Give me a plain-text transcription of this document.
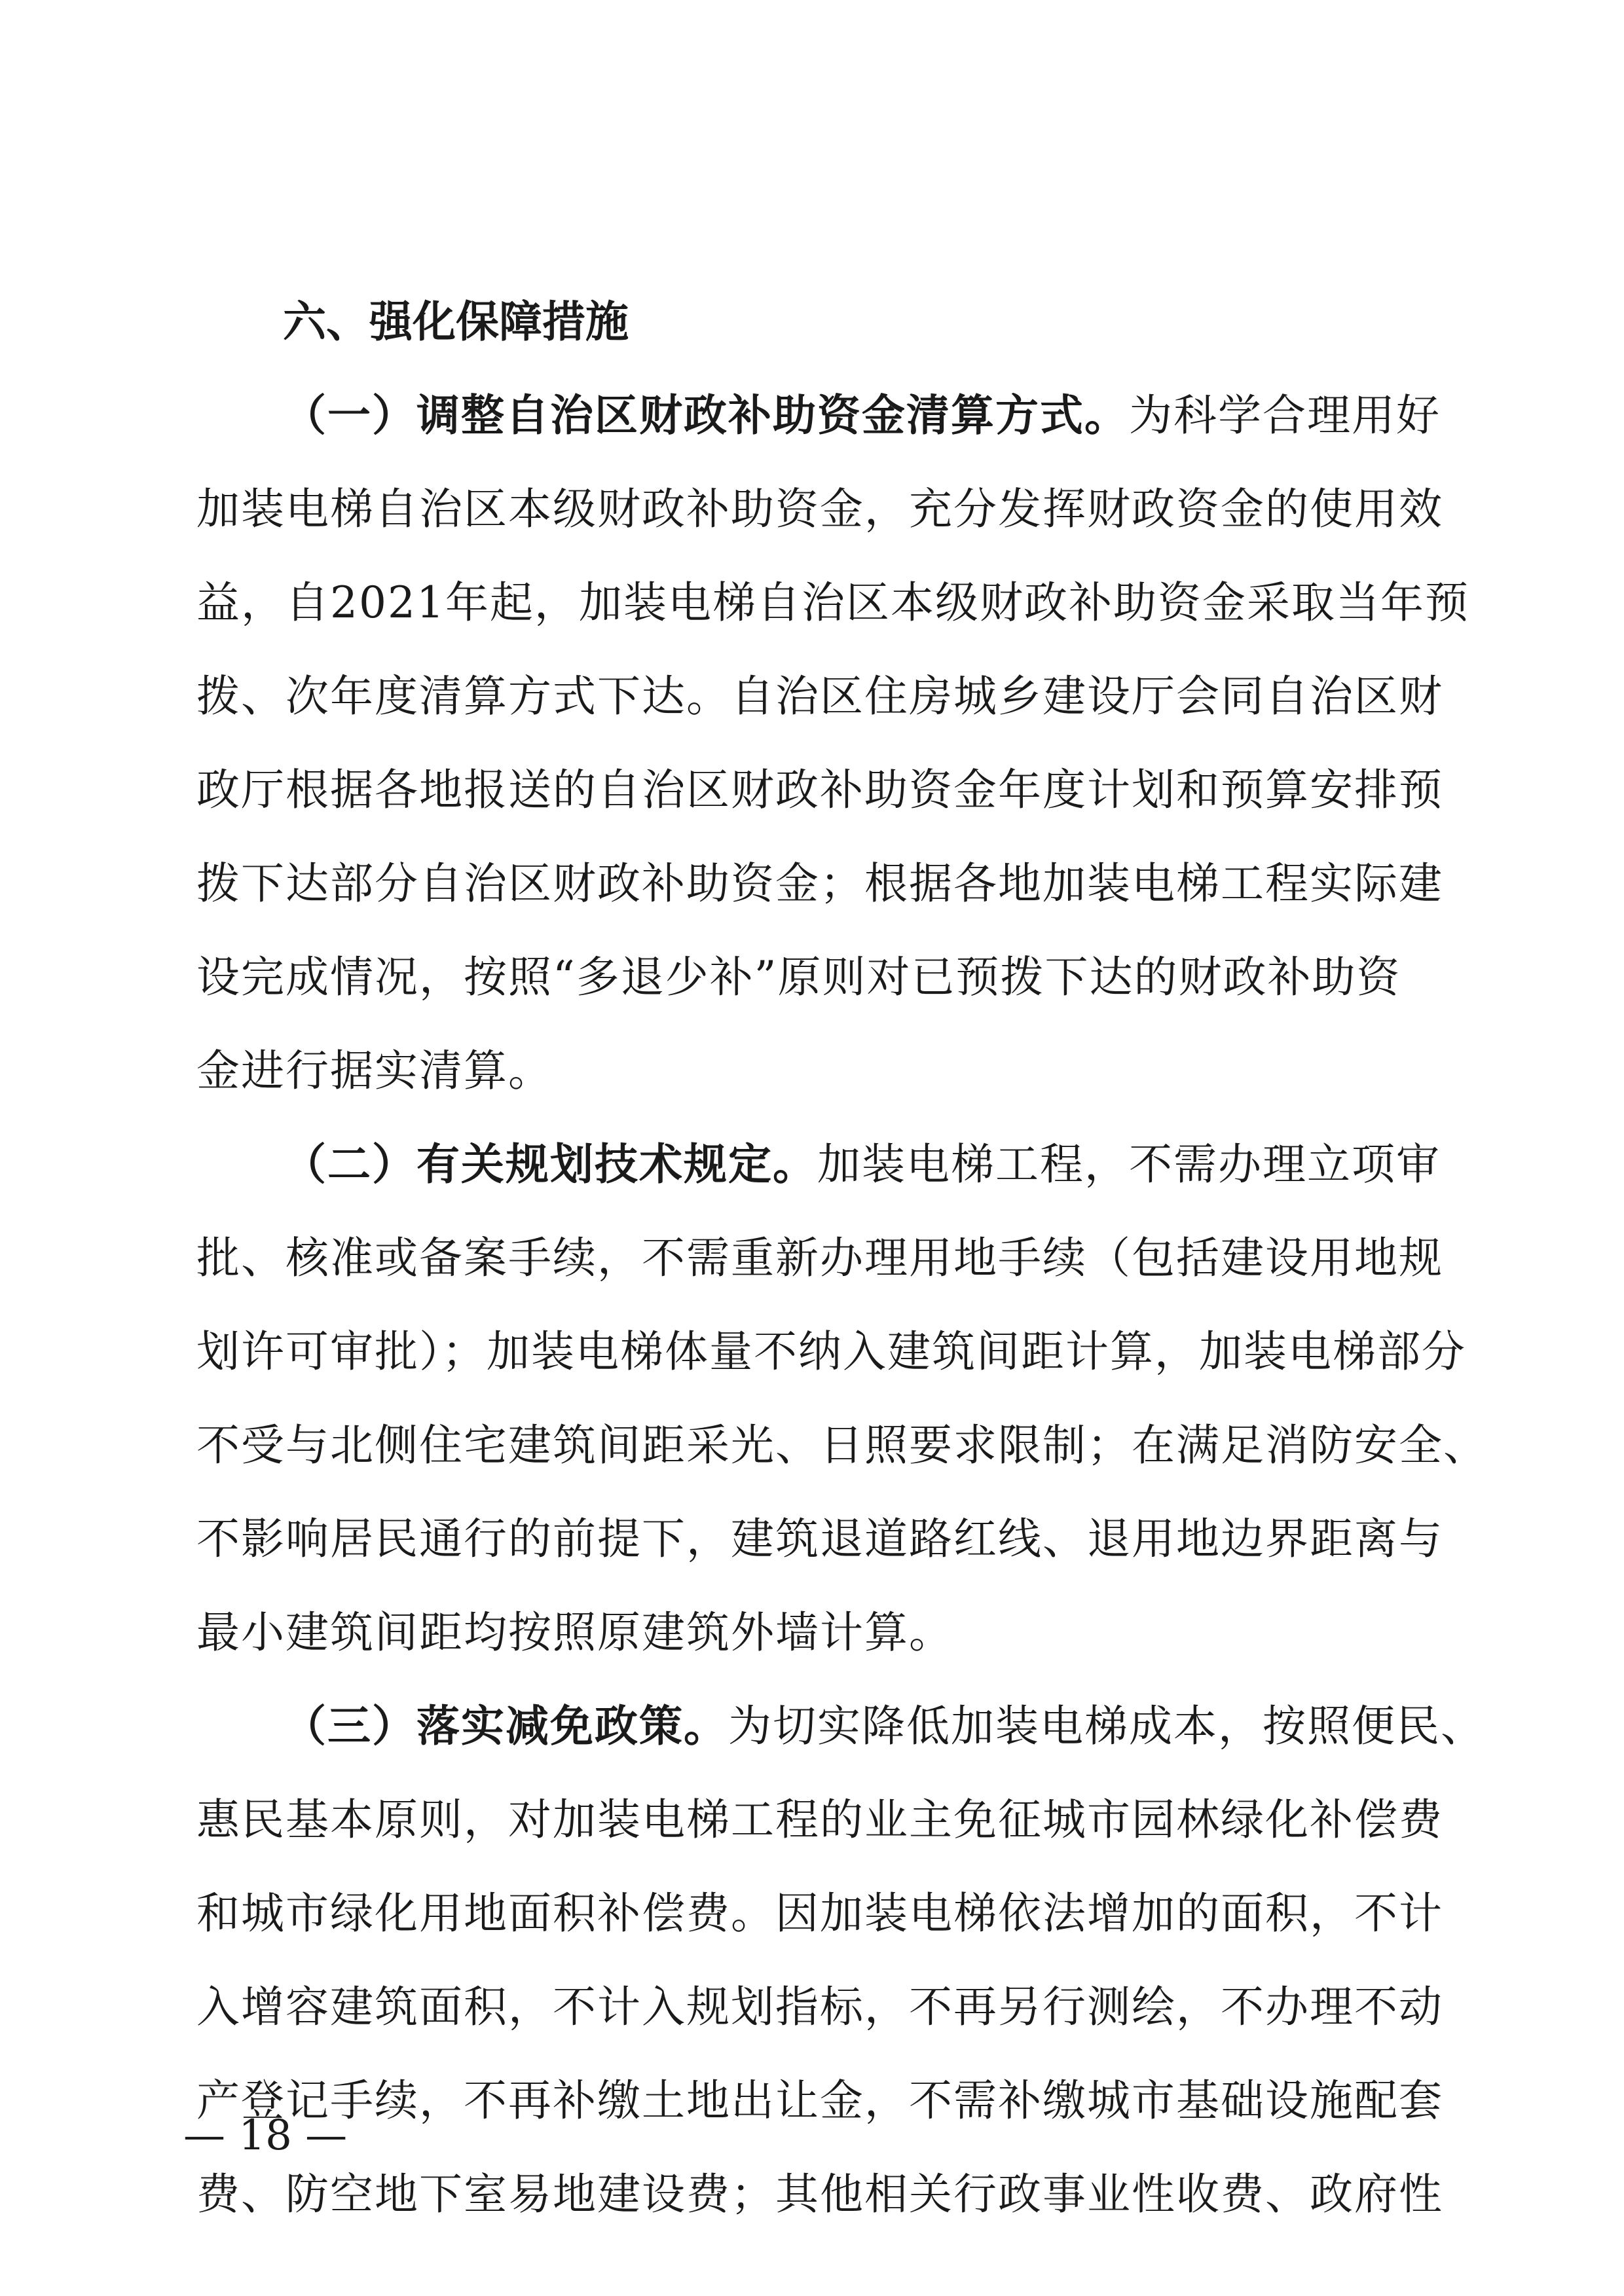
六、强化保障措施
（一）调整自治区财政补助资金清算方式。为科学合理用好
加装电梯自治区本级财政补助资金，充分发挥财政资金的使用效
益，自2021年起，加装电梯自治区本级财政补助资金采取当年预
拨、次年度清算方式下达。自治区住房城乡建设厅会同自治区财
政厅根据各地报送的自治区财政补助资金年度计划和预算安排预
拨下达部分自治区财政补助资金；根据各地加装电梯工程实际建
设完成情况，按照“多退少补”原则对已预拨下达的财政补助资
金进行据实清算。
（二）有关规划技术规定。加装电梯工程，不需办理立项审
批、核准或备案手续，不需重新办理用地手续（包括建设用地规
划许可审批）；加装电梯体量不纳入建筑间距计算，加装电梯部分
不受与北侧住宅建筑间距采光、日照要求限制；在满足消防安全、
不影响居民通行的前提下，建筑退道路红线、退用地边界距离与
最小建筑间距均按照原建筑外墙计算。
（三）落实减免政策。为切实降低加装电梯成本，按照便民、
惠民基本原则，对加装电梯工程的业主免征城市园林绿化补偿费
和城市绿化用地面积补偿费。因加装电梯依法增加的面积，不计
入增容建筑面积，不计入规划指标，不再另行测绘，不办理不动
产登记手续，不再补缴土地出让金，不需补缴城市基础设施配套
费、防空地下室易地建设费；其他相关行政事业性收费、政府性
— 18 —
